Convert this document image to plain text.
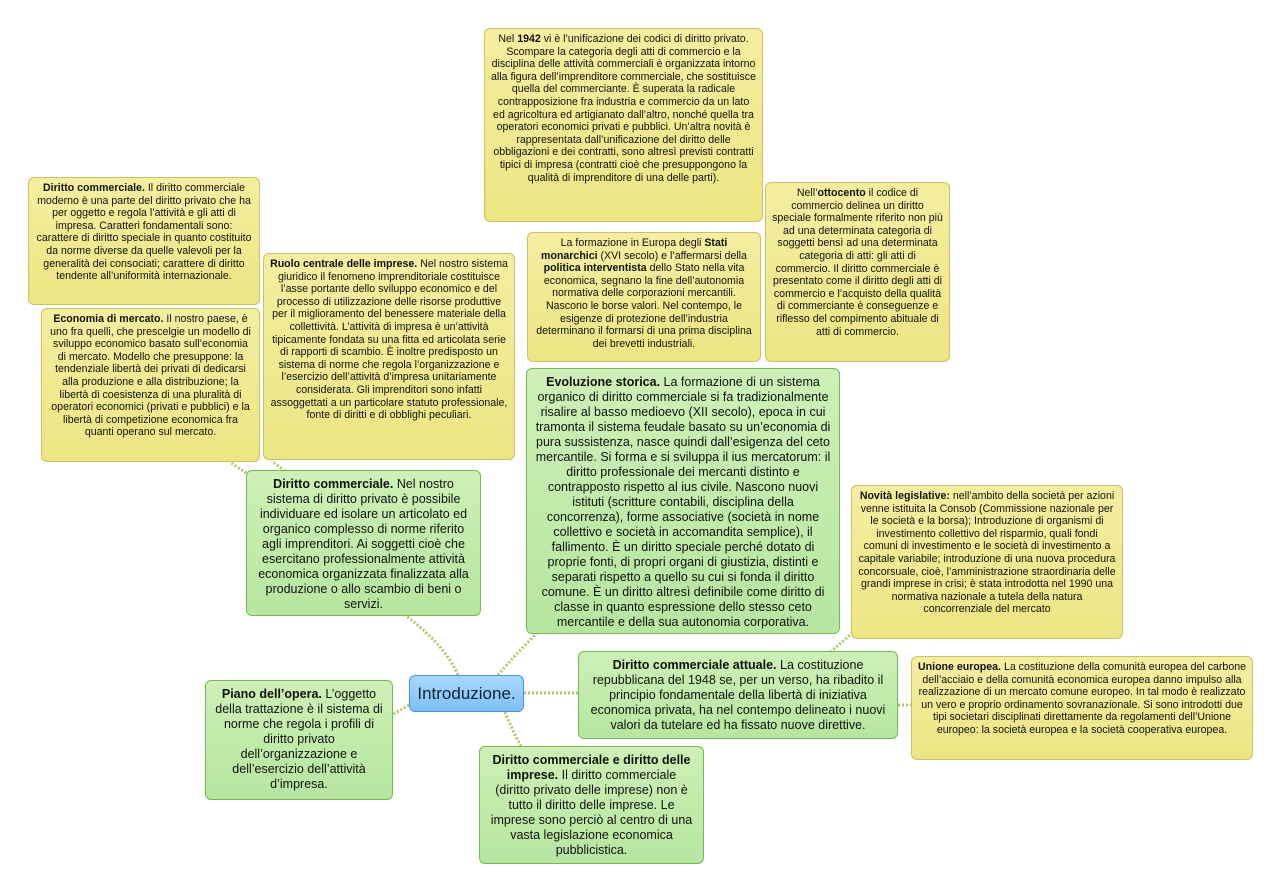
Nel 1942 vi è l’unificazione dei codici di diritto privato. Scompare la categoria degli atti di commercio e la disciplina delle attività commerciali è organizzata intorno alla figura dell’imprenditore commerciale, che sostituisce quella del commerciante. È superata la radicale contrapposizione fra industria e commercio da un lato ed agricoltura ed artigianato dall’altro, nonché quella tra operatori economici privati e pubblici. Un’altra novità è rappresentata dall’unificazione del diritto delle obbligazioni e dei contratti, sono altresì previsti contratti tipici di impresa (contratti cioè che presuppongono la qualità di imprenditore di una delle parti).
Diritto commerciale. Il diritto commerciale moderno è una parte del diritto privato che ha per oggetto e regola l’attività e gli atti di impresa. Caratteri fondamentali sono: carattere di diritto speciale in quanto costituito da norme diverse da quelle valevoli per la generalità dei consociati; carattere di diritto tendente all’uniformità internazionale.
Nell’ottocento il codice di commercio delinea un diritto speciale formalmente riferito non più ad una determinata categoria di soggetti bensì ad una determinata categoria di atti: gli atti di commercio. Il diritto commerciale è presentato come il diritto degli atti di commercio e l’acquisto della qualità di commerciante è conseguenze e riflesso del compimento abituale di atti di commercio.
La formazione in Europa degli Stati monarchici (XVI secolo) e l’affermarsi della politica interventista dello Stato nella vita economica, segnano la fine dell’autonomia normativa delle corporazioni mercantili. Nascono le borse valori. Nel contempo, le esigenze di protezione dell’industria determinano il formarsi di una prima disciplina dei brevetti industriali.
Ruolo centrale delle imprese. Nel nostro sistema giuridico il fenomeno imprenditoriale costituisce l’asse portante dello sviluppo economico e del processo di utilizzazione delle risorse produttive per il miglioramento del benessere materiale della collettività. L’attività di impresa è un’attività tipicamente fondata su una fitta ed articolata serie di rapporti di scambio. È inoltre predisposto un sistema di norme che regola l’organizzazione e l’esercizio dell’attività d’impresa unitariamente considerata. Gli imprenditori sono infatti assoggettati a un particolare statuto professionale, fonte di diritti e di obblighi peculiari.
Economia di mercato. Il nostro paese, è uno fra quelli, che prescelgie un modello di sviluppo economico basato sull’economia di mercato. Modello che presuppone: la tendenziale libertà dei privati di dedicarsi alla produzione e alla distribuzione; la libertà di coesistenza di una pluralità di operatori economici (privati e pubblici) e la libertà di competizione economica fra quanti operano sul mercato.
Evoluzione storica. La formazione di un sistema organico di diritto commerciale si fa tradizionalmente risalire al basso medioevo (XII secolo), epoca in cui tramonta il sistema feudale basato su un’economia di pura sussistenza, nasce quindi dall’esigenza del ceto mercantile. Si forma e si sviluppa il ius mercatorum: il diritto professionale dei mercanti distinto e contrapposto rispetto al ius civile. Nascono nuovi istituti (scritture contabili, disciplina della concorrenza), forme associative (società in nome collettivo e società in accomandita semplice), il fallimento. È un diritto speciale perché dotato di proprie fonti, di propri organi di giustizia, distinti e separati rispetto a quello su cui si fonda il diritto comune. È un diritto altresì definibile come diritto di classe in quanto espressione dello stesso ceto mercantile e della sua autonomia corporativa.
Diritto commerciale. Nel nostro sistema di diritto privato è possibile individuare ed isolare un articolato ed organico complesso di norme riferito agli imprenditori. Ai soggetti cioè che esercitano professionalmente attività economica organizzata finalizzata alla produzione o allo scambio di beni o servizi.
Novità legislative: nell’ambito della società per azioni venne istituita la Consob (Commissione nazionale per le società e la borsa); Introduzione di organismi di investimento collettivo del risparmio, quali fondi comuni di investimento e le società di investimento a capitale variabile; introduzione di una nuova procedura concorsuale, cioè, l’amministrazione straordinaria delle grandi imprese in crisi; è stata introdotta nel 1990 una normativa nazionale a tutela della natura concorrenziale del mercato
Diritto commerciale attuale. La costituzione repubblicana del 1948 se, per un verso, ha ribadito il principio fondamentale della libertà di iniziativa economica privata, ha nel contempo delineato i nuovi valori da tutelare ed ha fissato nuove direttive.
Unione europea. La costituzione della comunità europea del carbone dell’acciaio e della comunità economica europea danno impulso alla realizzazione di un mercato comune europeo. In tal modo è realizzato un vero e proprio ordinamento sovranazionale. Si sono introdotti due tipi societari disciplinati direttamente da regolamenti dell’Unione europeo: la società europea e la società cooperativa europea.
Introduzione.
Piano dell’opera. L’oggetto della trattazione è il sistema di norme che regola i profili di diritto privato dell’organizzazione e dell’esercizio dell’attività d’impresa.
Diritto commerciale e diritto delle imprese. Il diritto commerciale (diritto privato delle imprese) non è tutto il diritto delle imprese. Le imprese sono perciò al centro di una vasta legislazione economica pubblicistica.
